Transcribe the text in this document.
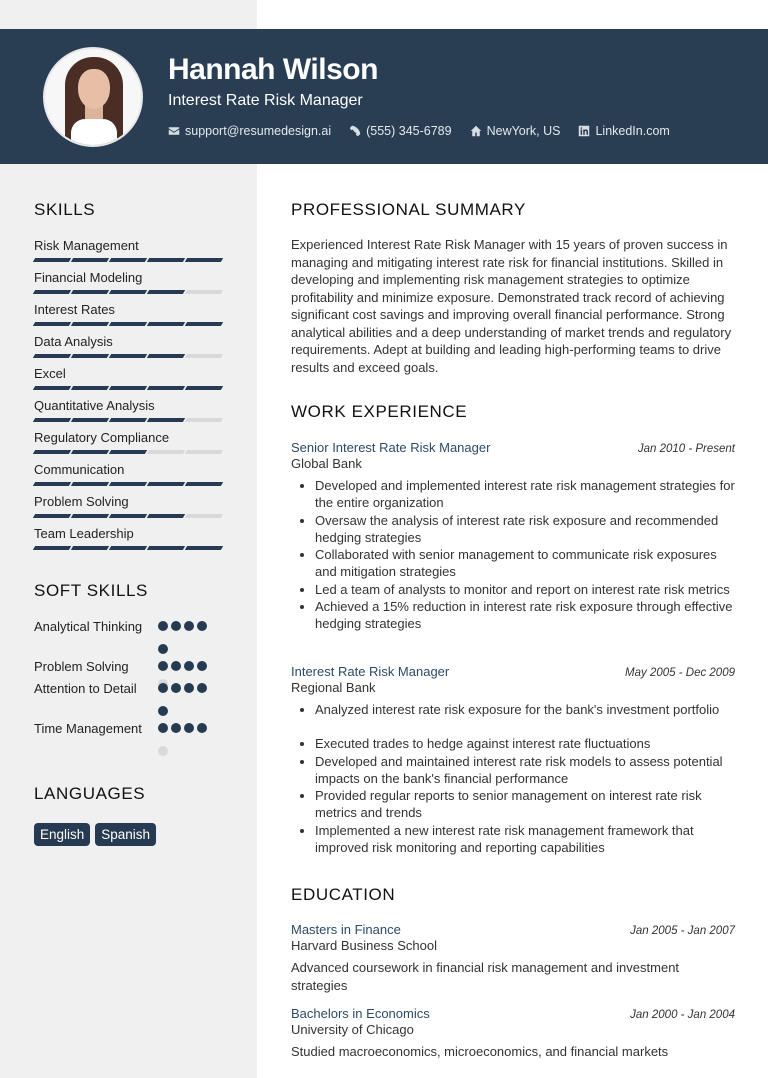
Hannah Wilson
Interest Rate Risk Manager
support@resumedesign.ai	(555) 345-6789	NewYork, US	LinkedIn.com
SKILLS
Risk Management
Financial Modeling
Interest Rates
Data Analysis
Excel
Quantitative Analysis
Regulatory Compliance
Communication
Problem Solving
Team Leadership
SOFT SKILLS
Analytical Thinking
Problem Solving
Attention to Detail
Time Management
LANGUAGES
English	Spanish
PROFESSIONAL SUMMARY
Experienced Interest Rate Risk Manager with 15 years of proven success in managing and mitigating interest rate risk for financial institutions. Skilled in developing and implementing risk management strategies to optimize profitability and minimize exposure. Demonstrated track record of achieving significant cost savings and improving overall financial performance. Strong analytical abilities and a deep understanding of market trends and regulatory requirements. Adept at building and leading high-performing teams to drive results and exceed goals.
WORK EXPERIENCE
Senior Interest Rate Risk Manager	Jan 2010 - Present
Global Bank
• Developed and implemented interest rate risk management strategies for the entire organization
• Oversaw the analysis of interest rate risk exposure and recommended hedging strategies
• Collaborated with senior management to communicate risk exposures and mitigation strategies
• Led a team of analysts to monitor and report on interest rate risk metrics
• Achieved a 15% reduction in interest rate risk exposure through effective hedging strategies
Interest Rate Risk Manager	May 2005 - Dec 2009
Regional Bank
• Analyzed interest rate risk exposure for the bank's investment portfolio
• Executed trades to hedge against interest rate fluctuations
• Developed and maintained interest rate risk models to assess potential impacts on the bank's financial performance
• Provided regular reports to senior management on interest rate risk metrics and trends
• Implemented a new interest rate risk management framework that improved risk monitoring and reporting capabilities
EDUCATION
Masters in Finance	Jan 2005 - Jan 2007
Harvard Business School
Advanced coursework in financial risk management and investment strategies
Bachelors in Economics	Jan 2000 - Jan 2004
University of Chicago
Studied macroeconomics, microeconomics, and financial markets
